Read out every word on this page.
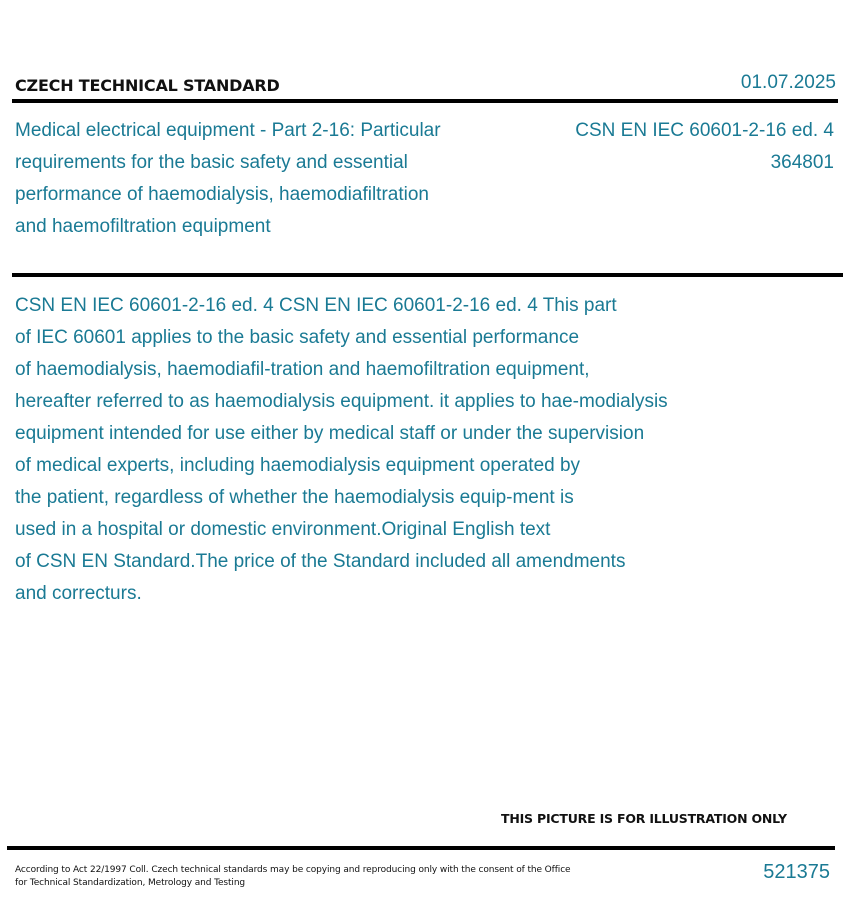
CZECH TECHNICAL STANDARD	01.07.2025
Medical electrical equipment - Part 2-16: Particular
requirements for the basic safety and essential
performance of haemodialysis, haemodiafiltration
and haemofiltration equipment
CSN EN IEC 60601-2-16 ed. 4
364801
CSN EN IEC 60601-2-16 ed. 4 CSN EN IEC 60601-2-16 ed. 4 This part
of IEC 60601 applies to the basic safety and essential performance
of haemodialysis, haemodiafil-tration and haemofiltration equipment,
hereafter referred to as haemodialysis equipment. it applies to hae-modialysis
equipment intended for use either by medical staff or under the supervision
of medical experts, including haemodialysis equipment operated by
the patient, regardless of whether the haemodialysis equip-ment is
used in a hospital or domestic environment.Original English text
of CSN EN Standard.The price of the Standard included all amendments
and correcturs.
THIS PICTURE IS FOR ILLUSTRATION ONLY
According to Act 22/1997 Coll. Czech technical standards may be copying and reproducing only with the consent of the Office
for Technical Standardization, Metrology and Testing	521375
